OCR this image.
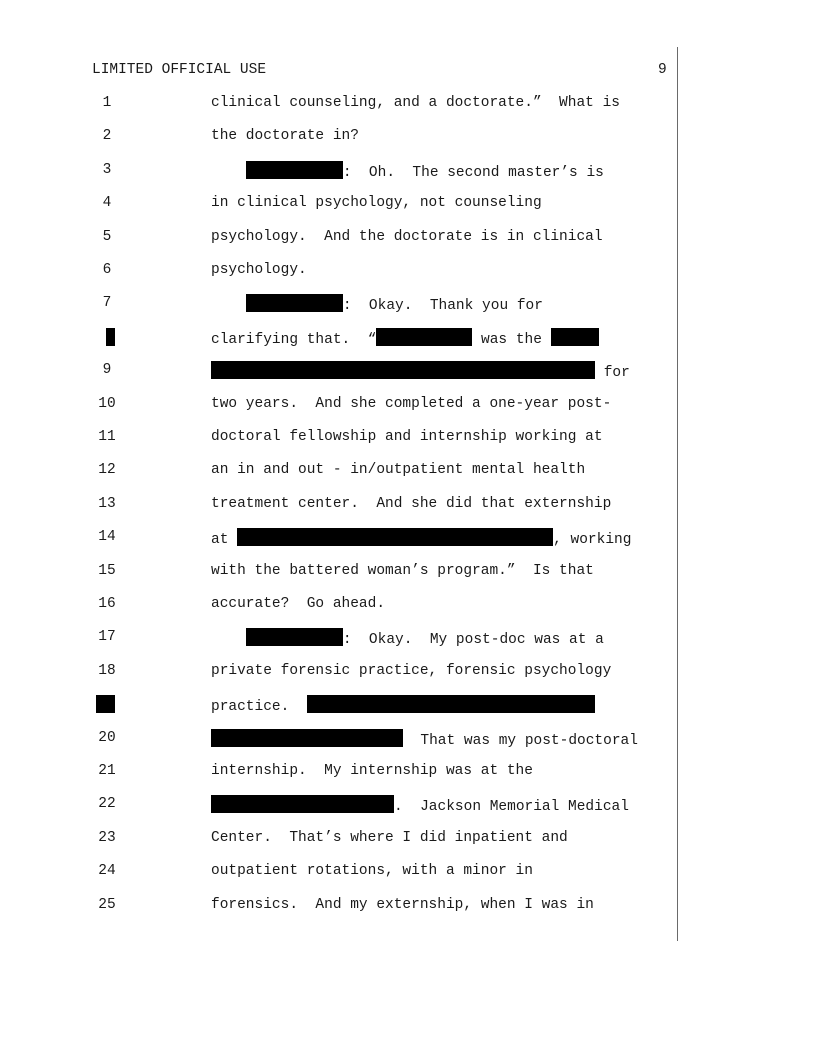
LIMITED OFFICIAL USE	9
1	clinical counseling, and a doctorate.”  What is
2	the doctorate in?
3	:  Oh.  The second master’s is
4	in clinical psychology, not counseling
5	psychology.  And the doctorate is in clinical
6	psychology.
7	:  Okay.  Thank you for
clarifying that.  “	was the
9	for
10	two years.  And she completed a one-year post-
11	doctoral fellowship and internship working at
12	an in and out - in/outpatient mental health
13	treatment center.  And she did that externship
14	at	, working
15	with the battered woman’s program.”  Is that
16	accurate?  Go ahead.
17	:  Okay.  My post-doc was at a
18	private forensic practice, forensic psychology
practice.
20	That was my post-doctoral
21	internship.  My internship was at the
22	.  Jackson Memorial Medical
23	Center.  That’s where I did inpatient and
24	outpatient rotations, with a minor in
25	forensics.  And my externship, when I was in
